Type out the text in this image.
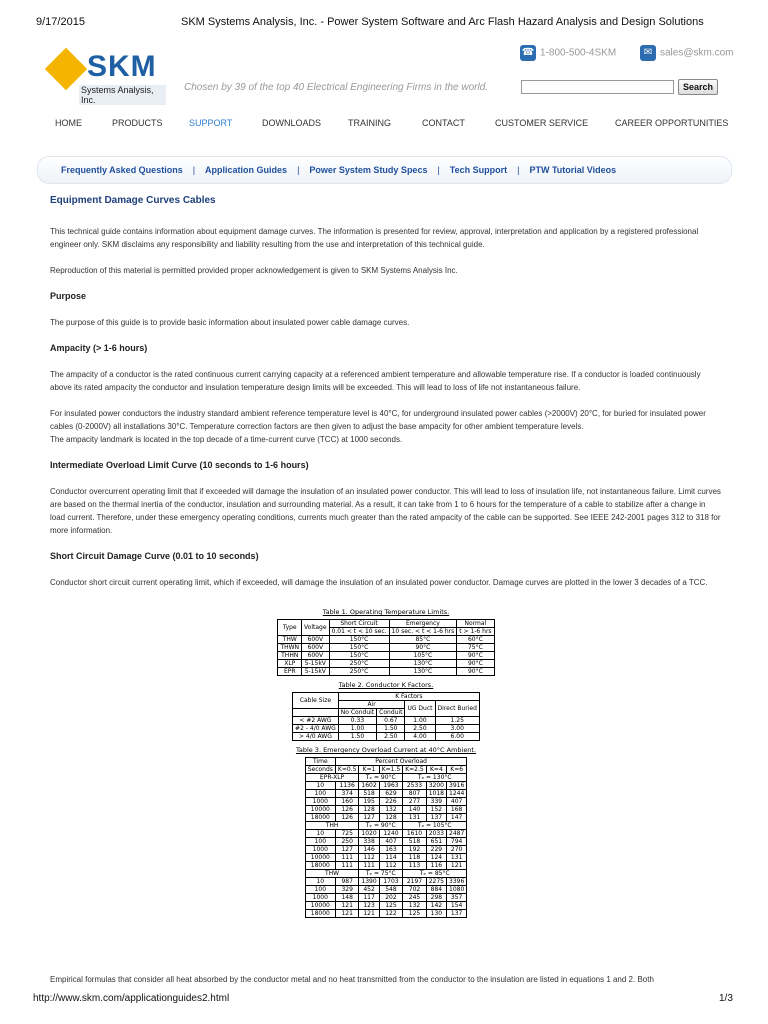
9/17/2015	SKM Systems Analysis, Inc. - Power System Software and Arc Flash Hazard Analysis and Design Solutions
SKM
Systems Analysis, Inc.
Chosen by 39 of the top 40 Electrical Engineering Firms in the world.
☎ 1-800-500-4SKM	✉ sales@skm.com
Search
HOME	PRODUCTS	SUPPORT	DOWNLOADS	TRAINING	CONTACT	CUSTOMER SERVICE	CAREER OPPORTUNITIES
Frequently Asked Questions | Application Guides | Power System Study Specs | Tech Support | PTW Tutorial Videos
Equipment Damage Curves Cables

This technical guide contains information about equipment damage curves. The information is presented for review, approval, interpretation and application by a registered professional engineer only. SKM disclaims any responsibility and liability resulting from the use and interpretation of this technical guide.

Reproduction of this material is permitted provided proper acknowledgement is given to SKM Systems Analysis Inc.

Purpose

The purpose of this guide is to provide basic information about insulated power cable damage curves.

Ampacity (> 1-6 hours)

The ampacity of a conductor is the rated continuous current carrying capacity at a referenced ambient temperature and allowable temperature rise. If a conductor is loaded continuously above its rated ampacity the conductor and insulation temperature design limits will be exceeded. This will lead to loss of life not instantaneous failure.

For insulated power conductors the industry standard ambient reference temperature level is 40°C, for underground insulated power cables (>2000V) 20°C, for buried for insulated power cables (0-2000V) all installations 30°C. Temperature correction factors are then given to adjust the base ampacity for other ambient temperature levels.

The ampacity landmark is located in the top decade of a time-current curve (TCC) at 1000 seconds.

Intermediate Overload Limit Curve (10 seconds to 1-6 hours)

Conductor overcurrent operating limit that if exceeded will damage the insulation of an insulated power conductor. This will lead to loss of insulation life, not instantaneous failure. Limit curves are based on the thermal inertia of the conductor, insulation and surrounding material. As a result, it can take from 1 to 6 hours for the temperature of a cable to stabilize after a change in load current. Therefore, under these emergency operating conditions, currents much greater than the rated ampacity of the cable can be supported. See IEEE 242-2001 pages 312 to 318 for more information.

Short Circuit Damage Curve (0.01 to 10 seconds)

Conductor short circuit current operating limit, which if exceeded, will damage the insulation of an insulated power conductor. Damage curves are plotted in the lower 3 decades of a TCC.

Table 1. Operating Temperature Limits.
Type	Voltage	Short Circuit	Emergency	Normal
		0.01 < t < 10 sec.	10 sec. < t < 1-6 hrs	t > 1-6 hrs
THW	600V	150°C	85°C	60°C
THWN	600V	150°C	90°C	75°C
THHN	600V	150°C	105°C	90°C
XLP	5-15kV	250°C	130°C	90°C
EPR	5-15kV	250°C	130°C	90°C
Table 2. Conductor K Factors.
Cable Size	K Factors			
	Air		UG Duct	Direct Buried
	No Conduit	Conduit		
< #2 AWG	0.33	0.67	1.00	1.25
#2 - 4/0 AWG	1.00	1.50	2.50	3.00
> 4/0 AWG	1.50	2.50	4.00	6.00
Table 3. Emergency Overload Current at 40°C Ambient.
Time	Percent Overload					
Seconds	K=0.5	K=1	K=1.5	K=2.5	K=4	K=6
EPR-XLP		Tₑ = 90°C		Tₑ = 130°C		
10	1136	1602	1963	2533	3200	3916
100	374	518	629	807	1018	1244
1000	160	195	226	277	339	407
10000	126	128	132	140	152	168
18000	126	127	128	131	137	147
THH		Tₑ = 90°C		Tₑ = 105°C		
10	725	1020	1240	1610	2033	2487
100	250	338	407	518	651	794
1000	127	146	163	192	229	270
10000	111	112	114	118	124	131
18000	111	111	112	113	116	121
THW		Tₑ = 75°C		Tₑ = 85°C		
10	987	1390	1703	2197	2275	3396
100	329	452	548	702	884	1080
1000	148	117	202	245	298	357
10000	121	123	125	132	142	154
18000	121	121	122	125	130	137
Empirical formulas that consider all heat absorbed by the conductor metal and no heat transmitted from the conductor to the insulation are listed in equations 1 and 2. Both
http://www.skm.com/applicationguides2.html	1/3
